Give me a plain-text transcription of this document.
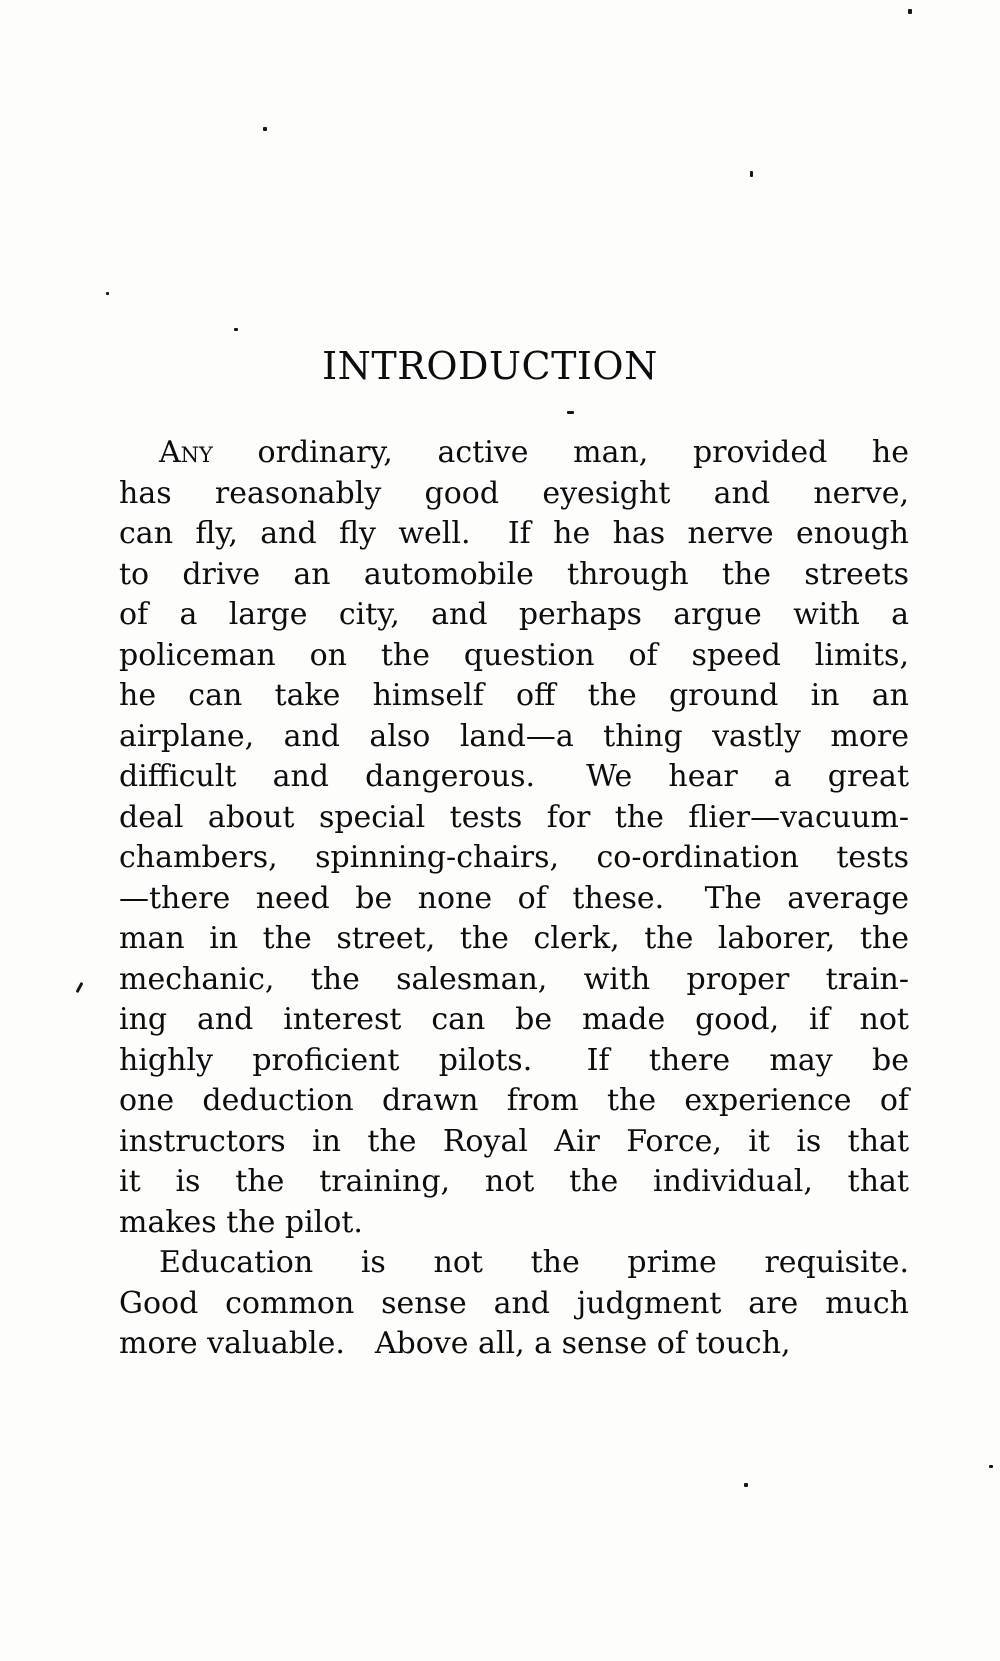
INTRODUCTION
Any ordinary, active man, provided he
has reasonably good eyesight and nerve,
can fly, and fly well.  If he has nerve enough
to drive an automobile through the streets
of a large city, and perhaps argue with a
policeman on the question of speed limits,
he can take himself off the ground in an
airplane, and also land—a thing vastly more
difficult and dangerous.  We hear a great
deal about special tests for the flier—vacuum-
chambers, spinning-chairs, co-ordination tests
—there need be none of these.  The average
man in the street, the clerk, the laborer, the
mechanic, the salesman, with proper train-
ing and interest can be made good, if not
highly proficient pilots.  If there may be
one deduction drawn from the experience of
instructors in the Royal Air Force, it is that
it is the training, not the individual, that
makes the pilot.
Education is not the prime requisite.
Good common sense and judgment are much
more valuable. Above all, a sense of touch,
